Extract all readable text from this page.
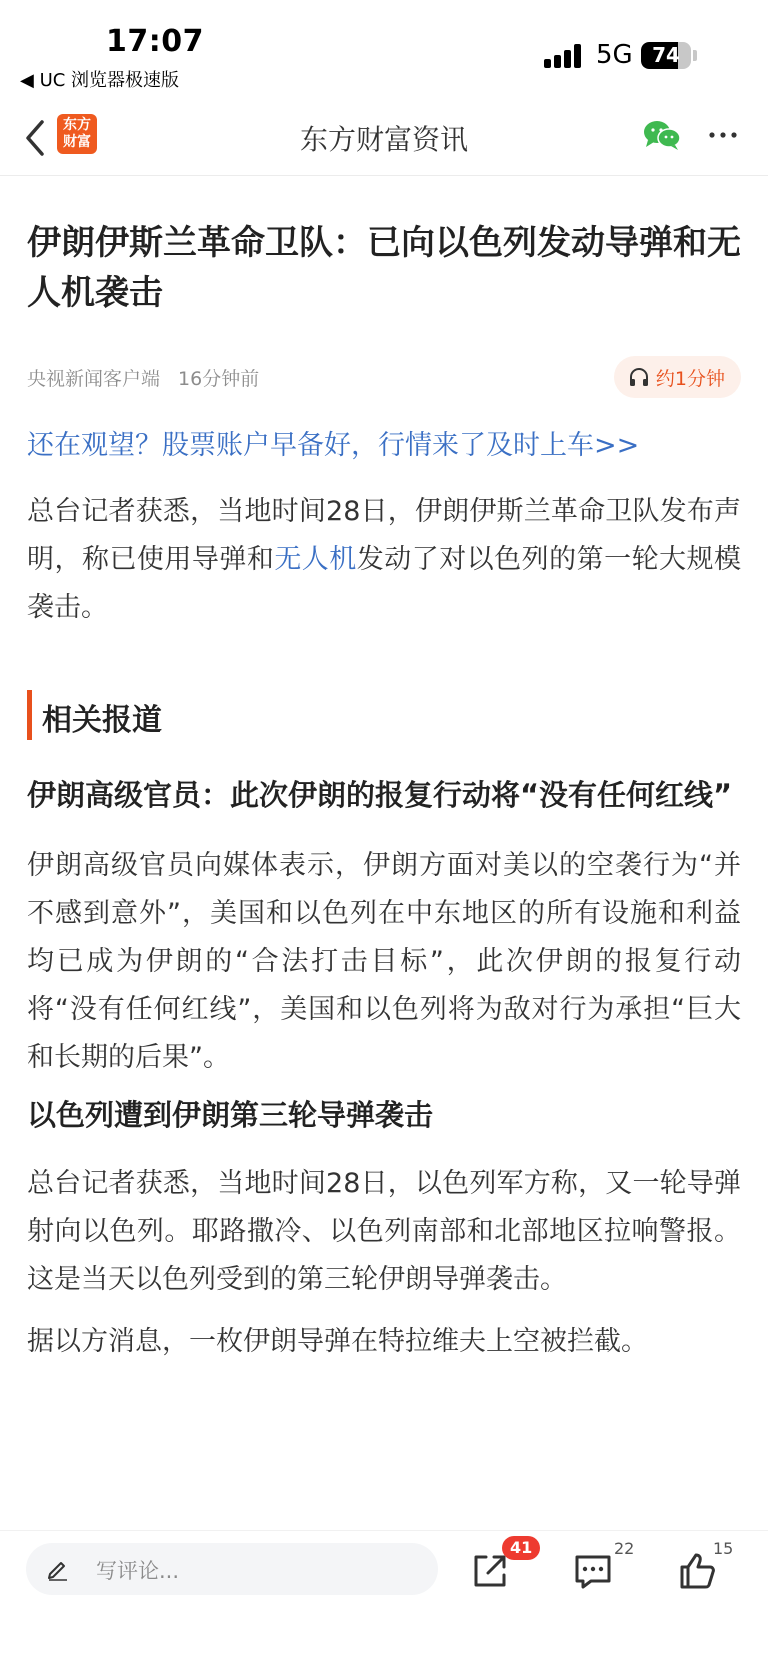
17:07
◀ UC 浏览器极速版
5G 74
东方
财富	东方财富资讯
伊朗伊斯兰革命卫队：已向以色列发动导弹和无人机袭击
央视新闻客户端 16分钟前	约1分钟
还在观望？股票账户早备好，行情来了及时上车>>

总台记者获悉，当地时间28日，伊朗伊斯兰革命卫队发布声明，称已使用导弹和无人机发动了对以色列的第一轮大规模袭击。

相关报道
伊朗高级官员：此次伊朗的报复行动将“没有任何红线”

伊朗高级官员向媒体表示，伊朗方面对美以的空袭行为“并不感到意外”，美国和以色列在中东地区的所有设施和利益均已成为伊朗的“合法打击目标”，此次伊朗的报复行动将“没有任何红线”，美国和以色列将为敌对行为承担“巨大和长期的后果”。

以色列遭到伊朗第三轮导弹袭击

总台记者获悉，当地时间28日，以色列军方称，又一轮导弹射向以色列。耶路撒冷、以色列南部和北部地区拉响警报。这是当天以色列受到的第三轮伊朗导弹袭击。

据以方消息，一枚伊朗导弹在特拉维夫上空被拦截。

写评论...
41	22	15
